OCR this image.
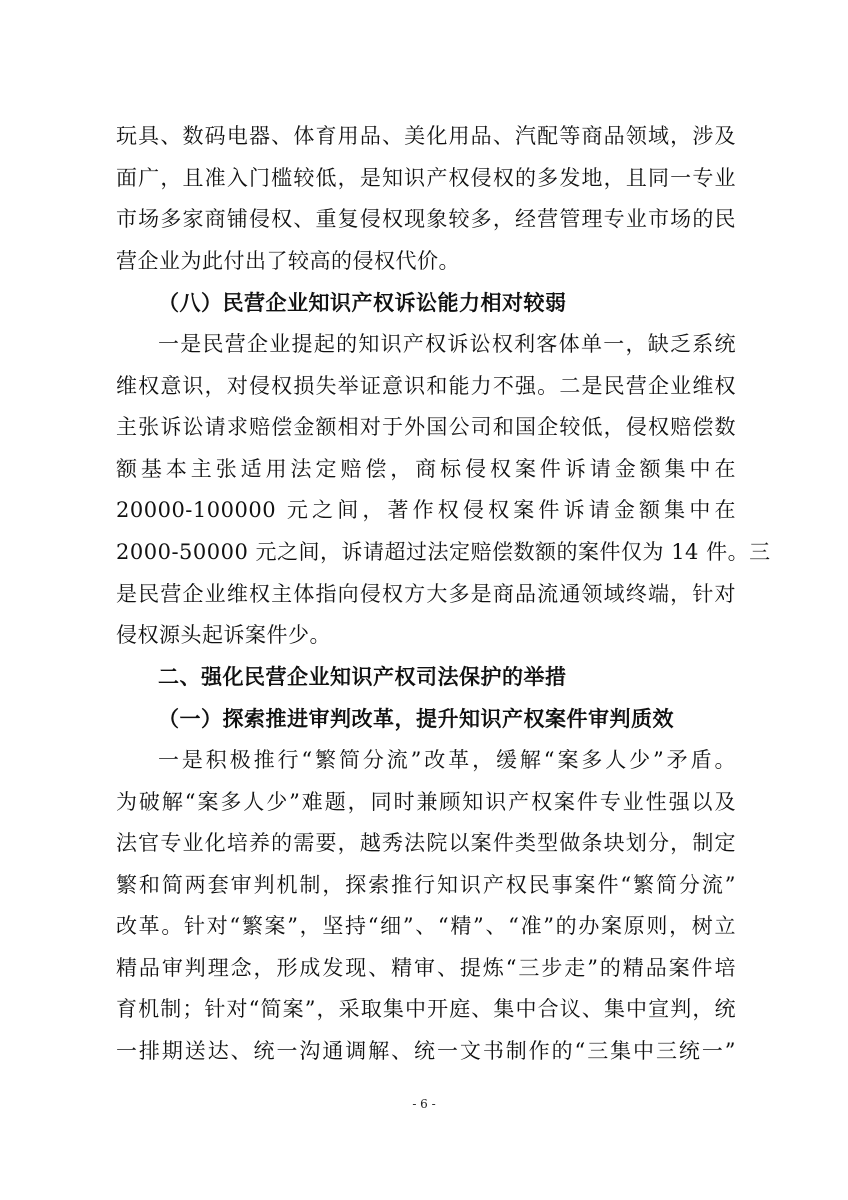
玩具、数码电器、体育用品、美化用品、汽配等商品领域，涉及
面广，且准入门槛较低，是知识产权侵权的多发地，且同一专业
市场多家商铺侵权、重复侵权现象较多，经营管理专业市场的民
营企业为此付出了较高的侵权代价。
（八）民营企业知识产权诉讼能力相对较弱
一是民营企业提起的知识产权诉讼权利客体单一，缺乏系统
维权意识，对侵权损失举证意识和能力不强。二是民营企业维权
主张诉讼请求赔偿金额相对于外国公司和国企较低，侵权赔偿数
额基本主张适用法定赔偿，商标侵权案件诉请金额集中在
20000-100000 元之间，著作权侵权案件诉请金额集中在
2000-50000 元之间，诉请超过法定赔偿数额的案件仅为 14 件。三
是民营企业维权主体指向侵权方大多是商品流通领域终端，针对
侵权源头起诉案件少。
二、强化民营企业知识产权司法保护的举措
（一）探索推进审判改革，提升知识产权案件审判质效
一是积极推行“繁简分流”改革，缓解“案多人少”矛盾。
为破解“案多人少”难题，同时兼顾知识产权案件专业性强以及
法官专业化培养的需要，越秀法院以案件类型做条块划分，制定
繁和简两套审判机制，探索推行知识产权民事案件“繁简分流”
改革。针对“繁案”，坚持“细”、“精”、“准”的办案原则，树立
精品审判理念，形成发现、精审、提炼“三步走”的精品案件培
育机制；针对“简案”，采取集中开庭、集中合议、集中宣判，统
一排期送达、统一沟通调解、统一文书制作的“三集中三统一”
- 6 -
